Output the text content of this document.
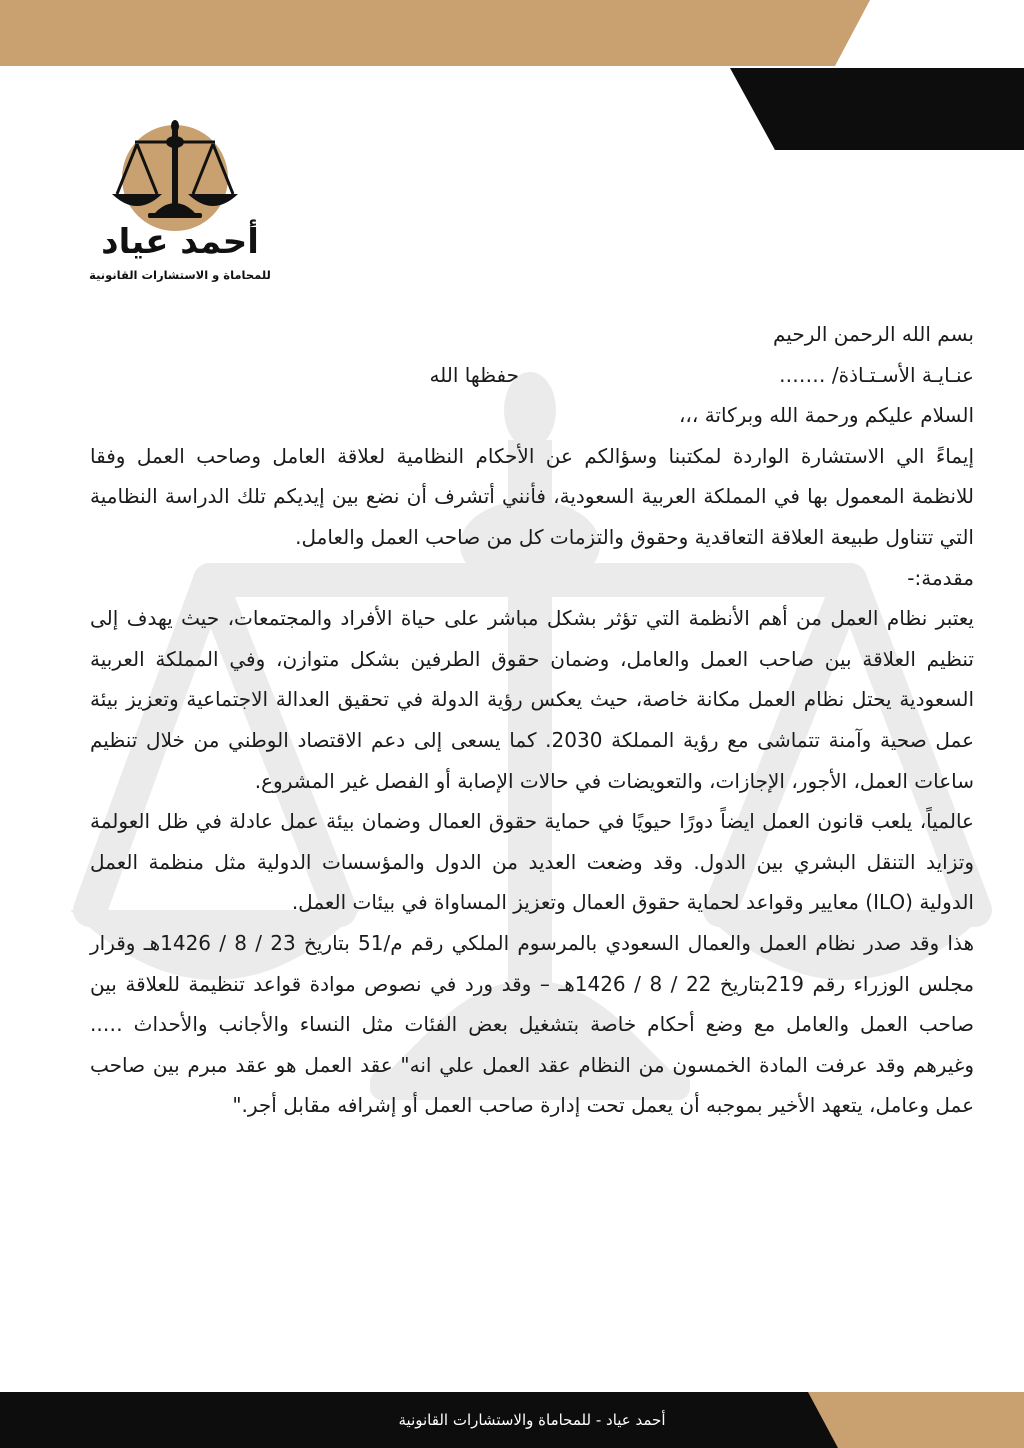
أحمد عياد
للمحاماة و الاستشارات القانونية

بسم الله الرحمن الرحيم

عنـايـة الأسـتـاذة/ …….
حفظها الله

السلام عليكم ورحمة الله وبركاتة ،،،

إيماءً الي الاستشارة الواردة لمكتبنا وسؤالكم عن الأحكام النظامية لعلاقة العامل وصاحب العمل وفقا للانظمة المعمول بها في المملكة العربية السعودية، فأنني أتشرف أن نضع بين إيديكم تلك الدراسة النظامية التي تتناول طبيعة العلاقة التعاقدية وحقوق والتزمات كل من صاحب العمل والعامل.

مقدمة:-

يعتبر نظام العمل من أهم الأنظمة التي تؤثر بشكل مباشر على حياة الأفراد والمجتمعات، حيث يهدف إلى تنظيم العلاقة بين صاحب العمل والعامل، وضمان حقوق الطرفين بشكل متوازن، وفي المملكة العربية السعودية يحتل نظام العمل مكانة خاصة، حيث يعكس رؤية الدولة في تحقيق العدالة الاجتماعية وتعزيز بيئة عمل صحية وآمنة تتماشى مع رؤية المملكة 2030. كما يسعى إلى دعم الاقتصاد الوطني من خلال تنظيم ساعات العمل، الأجور، الإجازات، والتعويضات في حالات الإصابة أو الفصل غير المشروع.

عالمياً، يلعب قانون العمل ايضاً دورًا حيويًا في حماية حقوق العمال وضمان بيئة عمل عادلة في ظل العولمة وتزايد التنقل البشري بين الدول. وقد وضعت العديد من الدول والمؤسسات الدولية مثل منظمة العمل الدولية (ILO) معايير وقواعد لحماية حقوق العمال وتعزيز المساواة في بيئات العمل.

هذا وقد صدر نظام العمل والعمال السعودي بالمرسوم الملكي رقم م/51 بتاريخ 23 / 8 / 1426هـ وقرار مجلس الوزراء رقم 219بتاريخ 22 / 8 / 1426هـ – وقد ورد في نصوص موادة قواعد تنظيمة للعلاقة بين صاحب العمل والعامل مع وضع أحكام خاصة بتشغيل بعض الفئات مثل النساء والأجانب والأحداث ….. وغيرهم وقد عرفت المادة الخمسون من النظام عقد العمل علي انه" عقد العمل هو عقد مبرم بين صاحب عمل وعامل، يتعهد الأخير بموجبه أن يعمل تحت إدارة صاحب العمل أو إشرافه مقابل أجر."

أحمد عياد - للمحاماة والاستشارات القانونية
